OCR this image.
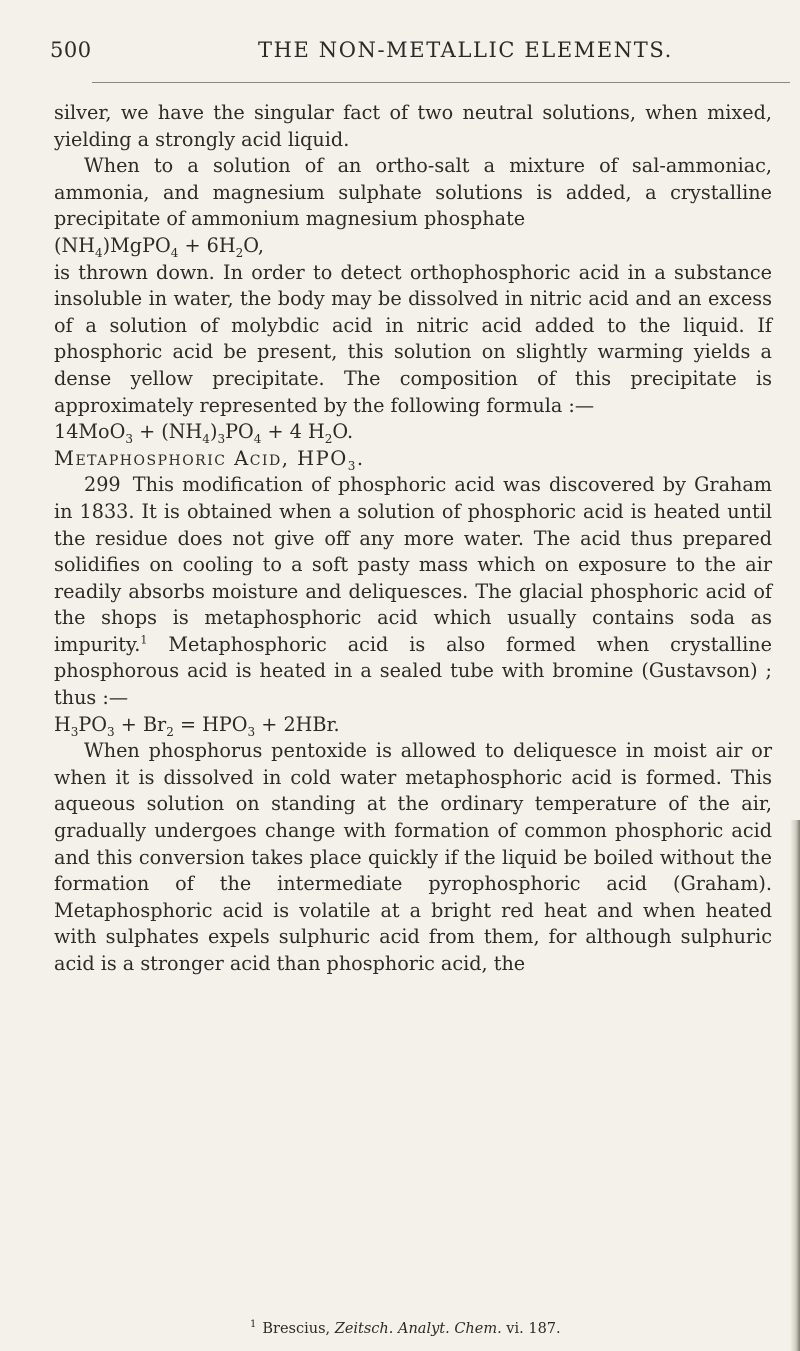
500	THE NON-METALLIC ELEMENTS.

silver, we have the singular fact of two neutral solutions, when mixed, yielding a strongly acid liquid.

When to a solution of an ortho-salt a mixture of sal-ammoniac, ammonia, and magnesium sulphate solutions is added, a crystalline precipitate of ammonium magnesium phosphate

$(NH_4)MgPO_4 + 6H_2O$,

is thrown down. In order to detect orthophosphoric acid in a substance insoluble in water, the body may be dissolved in nitric acid and an excess of a solution of molybdic acid in nitric acid added to the liquid. If phosphoric acid be present, this solution on slightly warming yields a dense yellow precipitate. The composition of this precipitate is approximately represented by the following formula :—

$14MoO_3 + (NH_4)_3PO_4 + 4$ $H_2O$.

Metaphosphoric Acid, $HPO_3$.

299 This modification of phosphoric acid was discovered by Graham in 1833. It is obtained when a solution of phosphoric acid is heated until the residue does not give off any more water. The acid thus prepared solidifies on cooling to a soft pasty mass which on exposure to the air readily absorbs moisture and deliquesces. The glacial phosphoric acid of the shops is metaphosphoric acid which usually contains soda as impurity.$^1$ Metaphosphoric acid is also formed when crystalline phosphorous acid is heated in a sealed tube with bromine (Gustavson) ; thus :—

$H_3PO_3 + Br_2 = HPO_3 + 2HBr$.

When phosphorus pentoxide is allowed to deliquesce in moist air or when it is dissolved in cold water metaphosphoric acid is formed. This aqueous solution on standing at the ordinary temperature of the air, gradually undergoes change with formation of common phosphoric acid and this conversion takes place quickly if the liquid be boiled without the formation of the intermediate pyrophosphoric acid (Graham). Metaphosphoric acid is volatile at a bright red heat and when heated with sulphates expels sulphuric acid from them, for although sulphuric acid is a stronger acid than phosphoric acid, the

$^1$ Brescius, Zeitsch. Analyt. Chem. vi. 187.
